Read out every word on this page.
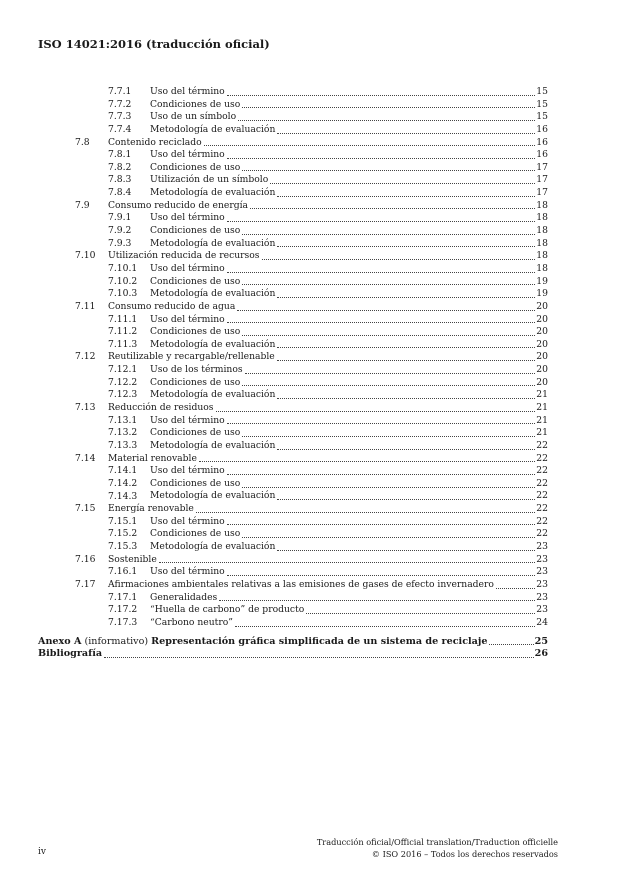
ISO 14021:2016 (traducción oficial)
7.7.1 Uso del término	15
7.7.2 Condiciones de uso	15
7.7.3 Uso de un símbolo	15
7.7.4 Metodología de evaluación	16
7.8 Contenido reciclado	16
7.8.1 Uso del término	16
7.8.2 Condiciones de uso	17
7.8.3 Utilización de un símbolo	17
7.8.4 Metodología de evaluación	17
7.9 Consumo reducido de energía	18
7.9.1 Uso del término	18
7.9.2 Condiciones de uso	18
7.9.3 Metodología de evaluación	18
7.10 Utilización reducida de recursos	18
7.10.1 Uso del término	18
7.10.2 Condiciones de uso	19
7.10.3 Metodología de evaluación	19
7.11 Consumo reducido de agua	20
7.11.1 Uso del término	20
7.11.2 Condiciones de uso	20
7.11.3 Metodología de evaluación	20
7.12 Reutilizable y recargable/rellenable	20
7.12.1 Uso de los términos	20
7.12.2 Condiciones de uso	20
7.12.3 Metodología de evaluación	21
7.13 Reducción de residuos	21
7.13.1 Uso del término	21
7.13.2 Condiciones de uso	21
7.13.3 Metodología de evaluación	22
7.14 Material renovable	22
7.14.1 Uso del término	22
7.14.2 Condiciones de uso	22
7.14.3 Metodología de evaluación	22
7.15 Energía renovable	22
7.15.1 Uso del término	22
7.15.2 Condiciones de uso	22
7.15.3 Metodología de evaluación	23
7.16 Sostenible	23
7.16.1 Uso del término	23
7.17 Afirmaciones ambientales relativas a las emisiones de gases de efecto invernadero	23
7.17.1 Generalidades	23
7.17.2 “Huella de carbono” de producto	23
7.17.3 “Carbono neutro”	24
Anexo A (informativo) Representación gráfica simplificada de un sistema de reciclaje	25
Bibliografía	26
Traducción oficial/Official translation/Traduction officielle
© ISO 2016 – Todos los derechos reservados
iv
